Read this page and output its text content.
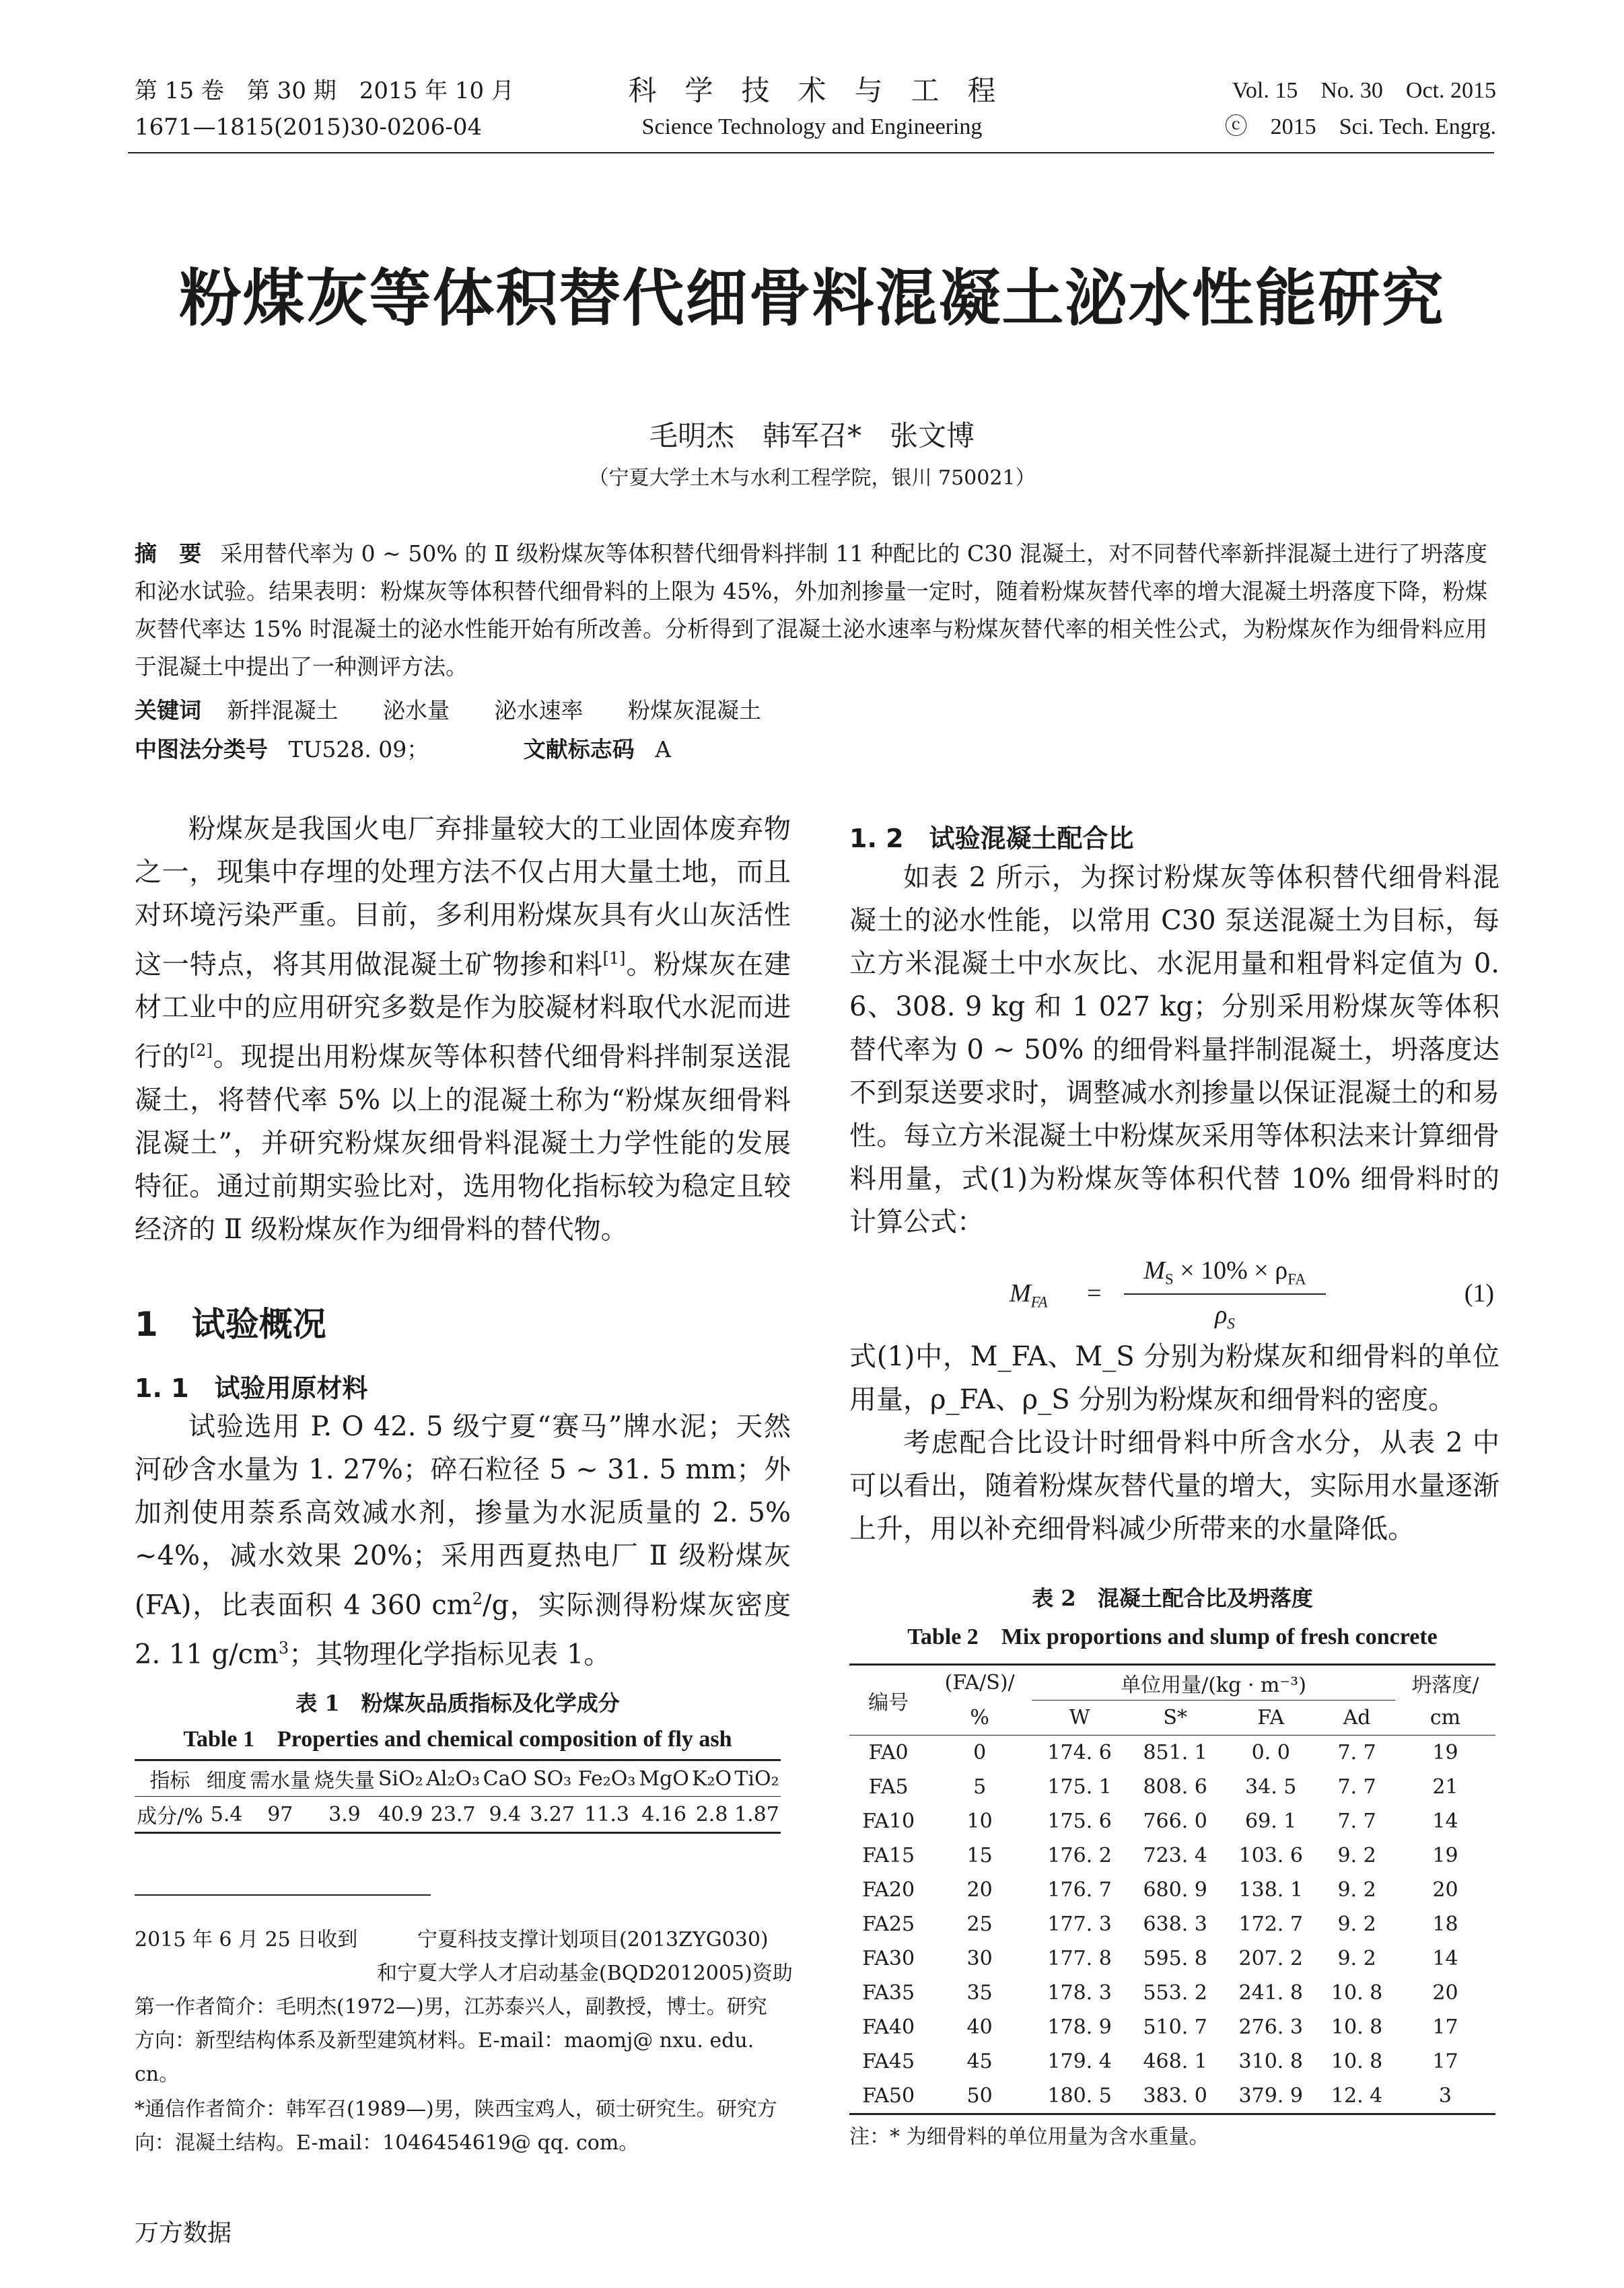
第 15 卷　第 30 期　2015 年 10 月
1671—1815(2015)30-0206-04
科　学　技　术　与　工　程
Science Technology and Engineering
Vol. 15　No. 30　Oct. 2015
ⓒ　2015　Sci. Tech. Engrg.
粉煤灰等体积替代细骨料混凝土泌水性能研究
毛明杰　韩军召*　张文博
（宁夏大学土木与水利工程学院，银川 750021）
摘　要 采用替代率为 0 ~ 50% 的 Ⅱ 级粉煤灰等体积替代细骨料拌制 11 种配比的 C30 混凝土，对不同替代率新拌混凝土进行了坍落度和泌水试验。结果表明：粉煤灰等体积替代细骨料的上限为 45%，外加剂掺量一定时，随着粉煤灰替代率的增大混凝土坍落度下降，粉煤灰替代率达 15% 时混凝土的泌水性能开始有所改善。分析得到了混凝土泌水速率与粉煤灰替代率的相关性公式，为粉煤灰作为细骨料应用于混凝土中提出了一种测评方法。
关键词 新拌混凝土 泌水量 泌水速率 粉煤灰混凝土
中图法分类号 TU528. 09；	文献标志码 A
粉煤灰是我国火电厂弃排量较大的工业固体废弃物之一，现集中存埋的处理方法不仅占用大量土地，而且对环境污染严重。目前，多利用粉煤灰具有火山灰活性这一特点，将其用做混凝土矿物掺和料[1]。粉煤灰在建材工业中的应用研究多数是作为胶凝材料取代水泥而进行的[2]。现提出用粉煤灰等体积替代细骨料拌制泵送混凝土，将替代率 5% 以上的混凝土称为“粉煤灰细骨料混凝土”，并研究粉煤灰细骨料混凝土力学性能的发展特征。通过前期实验比对，选用物化指标较为稳定且较经济的 Ⅱ 级粉煤灰作为细骨料的替代物。
1　试验概况
1. 1　试验用原材料
试验选用 P. O 42. 5 级宁夏“赛马”牌水泥；天然河砂含水量为 1. 27%；碎石粒径 5 ~ 31. 5 mm；外加剂使用萘系高效减水剂，掺量为水泥质量的 2. 5% ~4%，减水效果 20%；采用西夏热电厂 Ⅱ 级粉煤灰(FA)，比表面积 4 360 $cm^2/g$，实际测得粉煤灰密度 2. 11 $g/cm^3$；其物理化学指标见表 1。
表 1　粉煤灰品质指标及化学成分
Table 1　Properties and chemical composition of fly ash
指标	细度	需水量	烧失量	SiO₂	Al₂O₃	CaO	SO₃	Fe₂O₃	MgO	K₂O	TiO₂
成分/%	5.4	97	3.9	40.9	23.7	9.4	3.27	11.3	4.16	2.8	1.87
2015 年 6 月 25 日收到	宁夏科技支撑计划项目(2013ZYG030)
和宁夏大学人才启动基金(BQD2012005)资助
第一作者简介：毛明杰(1972—)男，江苏泰兴人，副教授，博士。研究方向：新型结构体系及新型建筑材料。E-mail：maomj@ nxu. edu. cn。
*通信作者简介：韩军召(1989—)男，陕西宝鸡人，硕士研究生。研究方向：混凝土结构。E-mail：1046454619@ qq. com。
万方数据
1. 2　试验混凝土配合比
如表 2 所示，为探讨粉煤灰等体积替代细骨料混凝土的泌水性能，以常用 C30 泵送混凝土为目标，每立方米混凝土中水灰比、水泥用量和粗骨料定值为 0. 6、308. 9 kg 和 1 027 kg；分别采用粉煤灰等体积替代率为 0 ~ 50% 的细骨料量拌制混凝土，坍落度达不到泵送要求时，调整减水剂掺量以保证混凝土的和易性。每立方米混凝土中粉煤灰采用等体积法来计算细骨料用量，式(1)为粉煤灰等体积代替 10% 细骨料时的计算公式：
$M_{FA}$ =
$M_S \times 10\% \times \rho_{FA}$
$\rho_S$
(1)
式(1)中，M_FA、M_S 分别为粉煤灰和细骨料的单位用量，ρ_FA、ρ_S 分别为粉煤灰和细骨料的密度。
考虑配合比设计时细骨料中所含水分，从表 2 中可以看出，随着粉煤灰替代量的增大，实际用水量逐渐上升，用以补充细骨料减少所带来的水量降低。
表 2　混凝土配合比及坍落度
Table 2　Mix proportions and slump of fresh concrete
编号	(FA/S)/	单位用量/(kg · m⁻³)				坍落度/
	%	W	S*	FA	Ad	cm
FA0	0	174. 6	851. 1	0. 0	7. 7	19
FA5	5	175. 1	808. 6	34. 5	7. 7	21
FA10	10	175. 6	766. 0	69. 1	7. 7	14
FA15	15	176. 2	723. 4	103. 6	9. 2	19
FA20	20	176. 7	680. 9	138. 1	9. 2	20
FA25	25	177. 3	638. 3	172. 7	9. 2	18
FA30	30	177. 8	595. 8	207. 2	9. 2	14
FA35	35	178. 3	553. 2	241. 8	10. 8	20
FA40	40	178. 9	510. 7	276. 3	10. 8	17
FA45	45	179. 4	468. 1	310. 8	10. 8	17
FA50	50	180. 5	383. 0	379. 9	12. 4	3
注：* 为细骨料的单位用量为含水重量。
